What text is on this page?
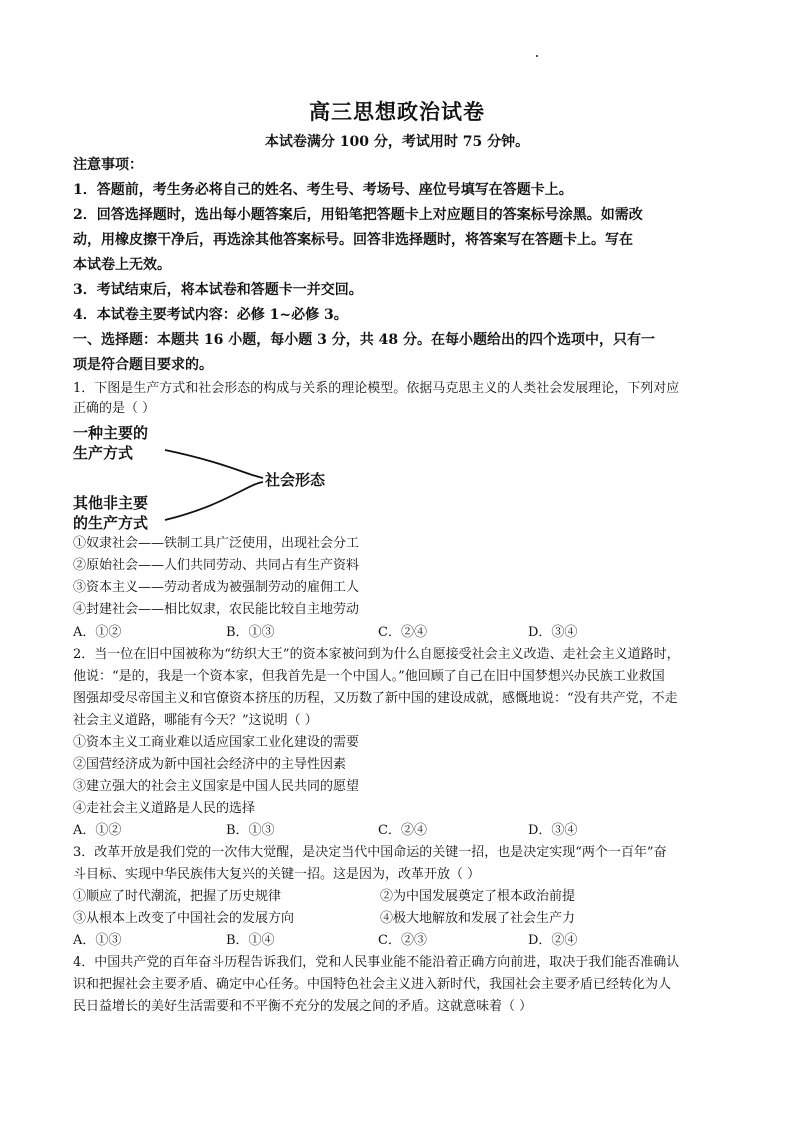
高三思想政治试卷
本试卷满分 100 分，考试用时 75 分钟。
注意事项：
1．答题前，考生务必将自己的姓名、考生号、考场号、座位号填写在答题卡上。
2．回答选择题时，选出每小题答案后，用铅笔把答题卡上对应题目的答案标号涂黑。如需改
动，用橡皮擦干净后，再选涂其他答案标号。回答非选择题时，将答案写在答题卡上。写在
本试卷上无效。
3．考试结束后，将本试卷和答题卡一并交回。
4．本试卷主要考试内容：必修 1~必修 3。
一、选择题：本题共 16 小题，每小题 3 分，共 48 分。在每小题给出的四个选项中，只有一
项是符合题目要求的。
1．下图是生产方式和社会形态的构成与关系的理论模型。依据马克思主义的人类社会发展理论，下列对应
正确的是（ ）
一种主要的
生产方式
其他非主要
的生产方式
社会形态
①奴隶社会——铁制工具广泛使用，出现社会分工
②原始社会——人们共同劳动、共同占有生产资料
③资本主义——劳动者成为被强制劳动的雇佣工人
④封建社会——相比奴隶，农民能比较自主地劳动
A．①②	B．①③	C．②④	D．③④
2．当一位在旧中国被称为“纺织大王”的资本家被问到为什么自愿接受社会主义改造、走社会主义道路时，
他说：“是的，我是一个资本家，但我首先是一个中国人。”他回顾了自己在旧中国梦想兴办民族工业救国
图强却受尽帝国主义和官僚资本挤压的历程，又历数了新中国的建设成就，感慨地说：“没有共产党，不走
社会主义道路，哪能有今天？”这说明（ ）
①资本主义工商业难以适应国家工业化建设的需要
②国营经济成为新中国社会经济中的主导性因素
③建立强大的社会主义国家是中国人民共同的愿望
④走社会主义道路是人民的选择
A．①②	B．①③	C．②④	D．③④
3．改革开放是我们党的一次伟大觉醒，是决定当代中国命运的关键一招，也是决定实现“两个一百年”奋
斗目标、实现中华民族伟大复兴的关键一招。这是因为，改革开放（ ）
①顺应了时代潮流，把握了历史规律	②为中国发展奠定了根本政治前提
③从根本上改变了中国社会的发展方向	④极大地解放和发展了社会生产力
A．①③	B．①④	C．②③	D．②④
4．中国共产党的百年奋斗历程告诉我们，党和人民事业能不能沿着正确方向前进，取决于我们能否准确认
识和把握社会主要矛盾、确定中心任务。中国特色社会主义进入新时代，我国社会主要矛盾已经转化为人
民日益增长的美好生活需要和不平衡不充分的发展之间的矛盾。这就意味着（ ）
